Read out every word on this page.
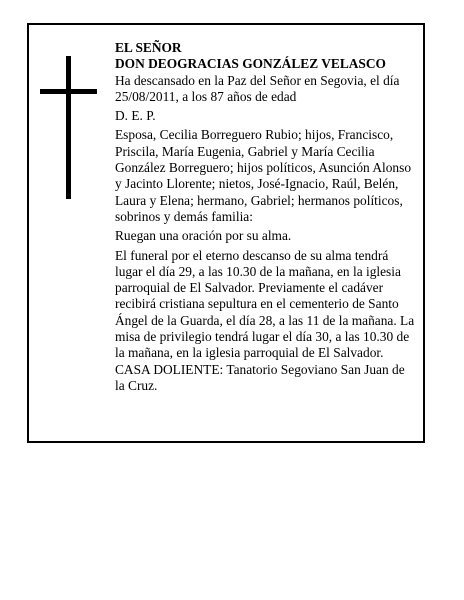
EL SEÑOR

DON DEOGRACIAS GONZÁLEZ VELASCO

Ha descansado en la Paz del Señor en Segovia, el día 25/08/2011, a los 87 años de edad

D. E. P.

Esposa, Cecilia Borreguero Rubio; hijos, Francisco, Priscila, María Eugenia, Gabriel y María Cecilia González Borreguero; hijos políticos, Asunción Alonso y Jacinto Llorente; nietos, José-Ignacio, Raúl, Belén, Laura y Elena; hermano, Gabriel; hermanos políticos, sobrinos y demás familia:

Ruegan una oración por su alma.

El funeral por el eterno descanso de su alma tendrá lugar el día 29, a las 10.30 de la mañana, en la iglesia parroquial de El Salvador. Previamente el cadáver recibirá cristiana sepultura en el cementerio de Santo Ángel de la Guarda, el día 28, a las 11 de la mañana. La misa de privilegio tendrá lugar el día 30, a las 10.30 de la mañana, en la iglesia parroquial de El Salvador.

CASA DOLIENTE: Tanatorio Segoviano San Juan de la Cruz.
